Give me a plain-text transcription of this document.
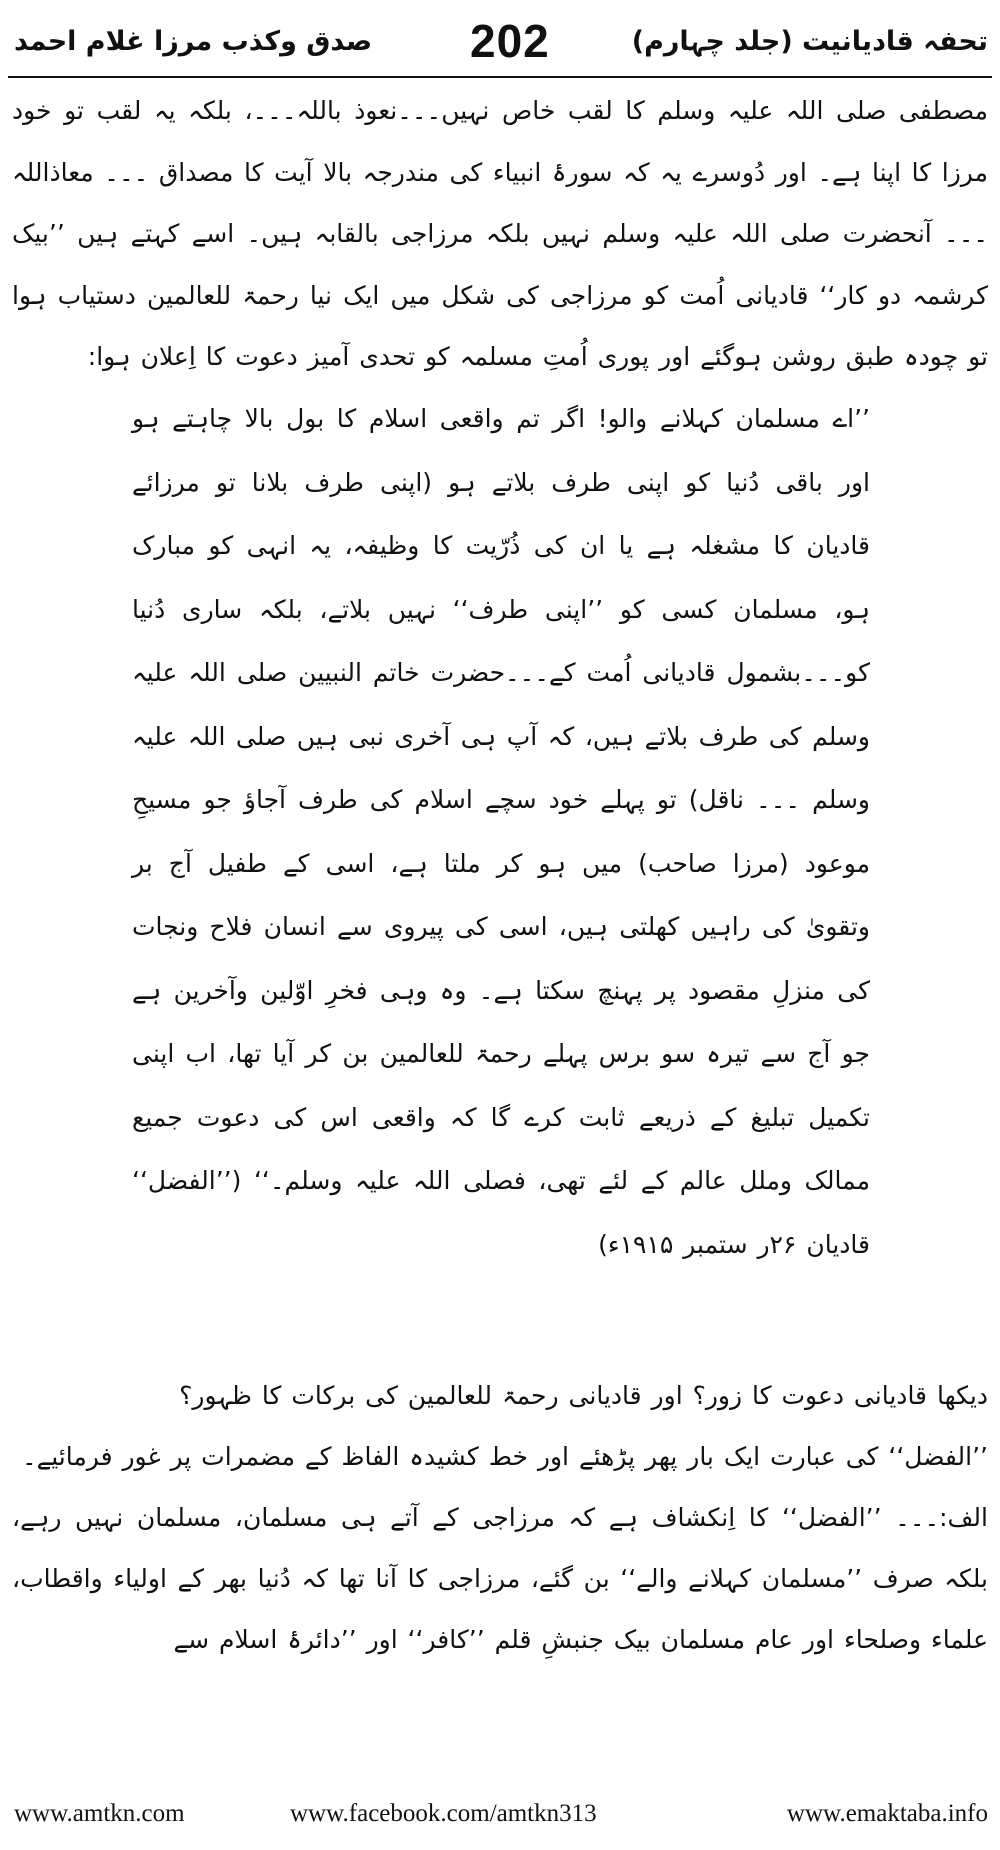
تحفہ قادیانیت (جلد چہارم)
202
صدق وکذب مرزا غلام احمد

مصطفی صلی اللہ علیہ وسلم کا لقب خاص نہیں۔۔۔نعوذ باللہ۔۔۔، بلکہ یہ لقب تو خود مرزا کا اپنا ہے۔ اور دُوسرے یہ کہ سورۂ انبیاء کی مندرجہ بالا آیت کا مصداق ۔۔۔ معاذاللہ ۔۔۔ آنحضرت صلی اللہ علیہ وسلم نہیں بلکہ مرزاجی بالقابہ ہیں۔ اسے کہتے ہیں ’’بیک کرشمہ دو کار‘‘ قادیانی اُمت کو مرزاجی کی شکل میں ایک نیا رحمۃ للعالمین دستیاب ہوا تو چودہ طبق روشن ہوگئے اور پوری اُمتِ مسلمہ کو تحدی آمیز دعوت کا اِعلان ہوا:

’’اے مسلمان کہلانے والو! اگر تم واقعی اسلام کا بول بالا چاہتے ہو اور باقی دُنیا کو اپنی طرف بلاتے ہو (اپنی طرف بلانا تو مرزائے قادیان کا مشغلہ ہے یا ان کی ذُرّیت کا وظیفہ، یہ انہی کو مبارک ہو، مسلمان کسی کو ’’اپنی طرف‘‘ نہیں بلاتے، بلکہ ساری دُنیا کو۔۔۔بشمول قادیانی اُمت کے۔۔۔حضرت خاتم النبیین صلی اللہ علیہ وسلم کی طرف بلاتے ہیں، کہ آپ ہی آخری نبی ہیں صلی اللہ علیہ وسلم ۔۔۔ ناقل) تو پہلے خود سچے اسلام کی طرف آجاؤ جو مسیحِ موعود (مرزا صاحب) میں ہو کر ملتا ہے، اسی کے طفیل آج بر وتقویٰ کی راہیں کھلتی ہیں، اسی کی پیروی سے انسان فلاح ونجات کی منزلِ مقصود پر پہنچ سکتا ہے۔ وہ وہی فخرِ اوّلین وآخرین ہے جو آج سے تیرہ سو برس پہلے رحمۃ للعالمین بن کر آیا تھا، اب اپنی تکمیل تبلیغ کے ذریعے ثابت کرے گا کہ واقعی اس کی دعوت جمیع ممالک وملل عالم کے لئے تھی، فصلی اللہ علیہ وسلم۔‘‘ (’’الفضل‘‘ قادیان ۲۶ر ستمبر ۱۹۱۵ء)

دیکھا قادیانی دعوت کا زور؟ اور قادیانی رحمۃ للعالمین کی برکات کا ظہور؟

’’الفضل‘‘ کی عبارت ایک بار پھر پڑھئے اور خط کشیدہ الفاظ کے مضمرات پر غور فرمائیے۔

الف:۔۔۔ ’’الفضل‘‘ کا اِنکشاف ہے کہ مرزاجی کے آتے ہی مسلمان، مسلمان نہیں رہے، بلکہ صرف ’’مسلمان کہلانے والے‘‘ بن گئے، مرزاجی کا آنا تھا کہ دُنیا بھر کے اولیاء واقطاب، علماء وصلحاء اور عام مسلمان بیک جنبشِ قلم ’’کافر‘‘ اور ’’دائرۂ اسلام سے

www.amtkn.com	www.facebook.com/amtkn313	www.emaktaba.info
